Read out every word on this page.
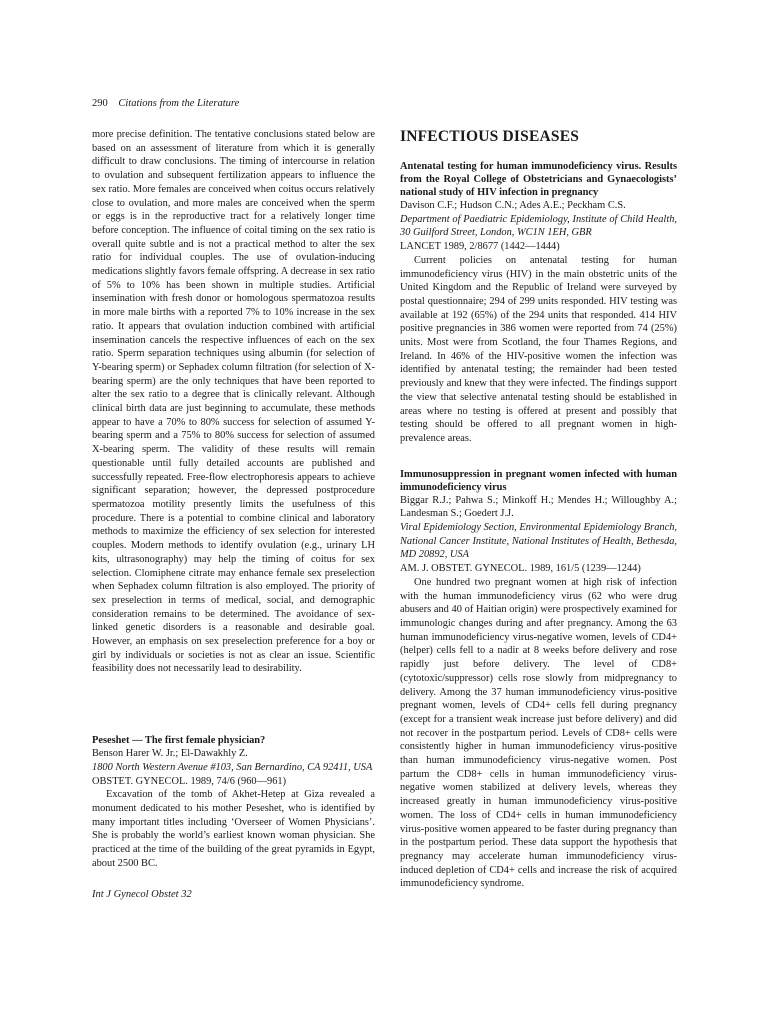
290 Citations from the Literature

more precise definition. The tentative conclusions stated below are based on an assessment of literature from which it is generally difficult to draw conclusions. The timing of intercourse in relation to ovulation and subsequent fertilization appears to influence the sex ratio. More females are conceived when coitus occurs relatively close to ovulation, and more males are conceived when the sperm or eggs is in the reproductive tract for a relatively longer time before conception. The influence of coital timing on the sex ratio is overall quite subtle and is not a practical method to alter the sex ratio for individual couples. The use of ovulation-inducing medications slightly favors female offspring. A decrease in sex ratio of 5% to 10% has been shown in multiple studies. Artificial insemination with fresh donor or homologous spermatozoa results in more male births with a reported 7% to 10% increase in the sex ratio. It appears that ovulation induction combined with artificial insemination cancels the respective influences of each on the sex ratio. Sperm separation techniques using albumin (for selection of Y-bearing sperm) or Sephadex column filtration (for selection of X-bearing sperm) are the only techniques that have been reported to alter the sex ratio to a degree that is clinically relevant. Although clinical birth data are just beginning to accumulate, these methods appear to have a 70% to 80% success for selection of assumed Y-bearing sperm and a 75% to 80% success for selection of assumed X-bearing sperm. The validity of these results will remain questionable until fully detailed accounts are published and successfully repeated. Free-flow electrophoresis appears to achieve significant separation; however, the depressed postprocedure spermatozoa motility presently limits the usefulness of this procedure. There is a potential to combine clinical and laboratory methods to maximize the efficiency of sex selection for interested couples. Modern methods to identify ovulation (e.g., urinary LH kits, ultrasonography) may help the timing of coitus for sex selection. Clomiphene citrate may enhance female sex preselection when Sephadex column filtration is also employed. The priority of sex preselection in terms of medical, social, and demographic consideration remains to be determined. The avoidance of sex-linked genetic disorders is a reasonable and desirable goal. However, an emphasis on sex preselection preference for a boy or girl by individuals or societies is not as clear an issue. Scientific feasibility does not necessarily lead to desirability.

Peseshet — The first female physician?

Benson Harer W. Jr.; El-Dawakhly Z.

1800 North Western Avenue #103, San Bernardino, CA 92411, USA

OBSTET. GYNECOL. 1989, 74/6 (960—961)

Excavation of the tomb of Akhet-Hetep at Giza revealed a monument dedicated to his mother Peseshet, who is identified by many important titles including ‘Overseer of Women Physicians’. She is probably the world’s earliest known woman physician. She practiced at the time of the building of the great pyramids in Egypt, about 2500 BC.

INFECTIOUS DISEASES

Antenatal testing for human immunodeficiency virus. Results from the Royal College of Obstetricians and Gynaecologists’ national study of HIV infection in pregnancy

Davison C.F.; Hudson C.N.; Ades A.E.; Peckham C.S.

Department of Paediatric Epidemiology, Institute of Child Health, 30 Guilford Street, London, WC1N 1EH, GBR

LANCET 1989, 2/8677 (1442—1444)

Current policies on antenatal testing for human immunodeficiency virus (HIV) in the main obstetric units of the United Kingdom and the Republic of Ireland were surveyed by postal questionnaire; 294 of 299 units responded. HIV testing was available at 192 (65%) of the 294 units that responded. 414 HIV positive pregnancies in 386 women were reported from 74 (25%) units. Most were from Scotland, the four Thames Regions, and Ireland. In 46% of the HIV-positive women the infection was identified by antenatal testing; the remainder had been tested previously and knew that they were infected. The findings support the view that selective antenatal testing should be established in areas where no testing is offered at present and possibly that testing should be offered to all pregnant women in high-prevalence areas.

Immunosuppression in pregnant women infected with human immunodeficiency virus

Biggar R.J.; Pahwa S.; Minkoff H.; Mendes H.; Willoughby A.; Landesman S.; Goedert J.J.

Viral Epidemiology Section, Environmental Epidemiology Branch, National Cancer Institute, National Institutes of Health, Bethesda, MD 20892, USA

AM. J. OBSTET. GYNECOL. 1989, 161/5 (1239—1244)

One hundred two pregnant women at high risk of infection with the human immunodeficiency virus (62 who were drug abusers and 40 of Haitian origin) were prospectively examined for immunologic changes during and after pregnancy. Among the 63 human immunodeficiency virus-negative women, levels of CD4+ (helper) cells fell to a nadir at 8 weeks before delivery and rose rapidly just before delivery. The level of CD8+ (cytotoxic/suppressor) cells rose slowly from midpregnancy to delivery. Among the 37 human immunodeficiency virus-positive pregnant women, levels of CD4+ cells fell during pregnancy (except for a transient weak increase just before delivery) and did not recover in the postpartum period. Levels of CD8+ cells were consistently higher in human immunodeficiency virus-positive than human immunodeficiency virus-negative women. Post partum the CD8+ cells in human immunodeficiency virus-negative women stabilized at delivery levels, whereas they increased greatly in human immunodeficiency virus-positive women. The loss of CD4+ cells in human immunodeficiency virus-positive women appeared to be faster during pregnancy than in the postpartum period. These data support the hypothesis that pregnancy may accelerate human immunodeficiency virus-induced depletion of CD4+ cells and increase the risk of acquired immunodeficiency syndrome.

Int J Gynecol Obstet 32
